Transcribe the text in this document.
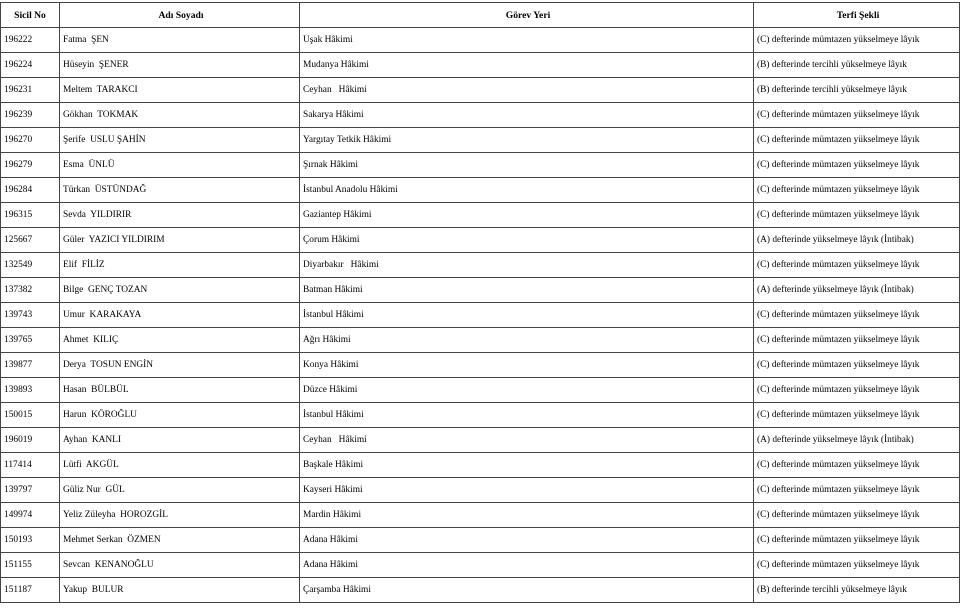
Sicil No	Adı Soyadı	Görev Yeri	Terfi Şekli
196222	Fatma  ŞEN	Uşak Hâkimi	(C) defterinde mümtazen yükselmeye lâyık
196224	Hüseyin  ŞENER	Mudanya Hâkimi	(B) defterinde tercihli yükselmeye lâyık
196231	Meltem  TARAKCI	Ceyhan   Hâkimi	(B) defterinde tercihli yükselmeye lâyık
196239	Gökhan  TOKMAK	Sakarya Hâkimi	(C) defterinde mümtazen yükselmeye lâyık
196270	Şerife  USLU ŞAHİN	Yargıtay Tetkik Hâkimi	(C) defterinde mümtazen yükselmeye lâyık
196279	Esma  ÜNLÜ	Şırnak Hâkimi	(C) defterinde mümtazen yükselmeye lâyık
196284	Türkan  ÜSTÜNDAĞ	İstanbul Anadolu Hâkimi	(C) defterinde mümtazen yükselmeye lâyık
196315	Sevda  YILDIRIR	Gaziantep Hâkimi	(C) defterinde mümtazen yükselmeye lâyık
125667	Güler  YAZICI YILDIRIM	Çorum Hâkimi	(A) defterinde yükselmeye lâyık (İntibak)
132549	Elif  FİLİZ	Diyarbakır   Hâkimi	(C) defterinde mümtazen yükselmeye lâyık
137382	Bilge  GENÇ TOZAN	Batman Hâkimi	(A) defterinde yükselmeye lâyık (İntibak)
139743	Umur  KARAKAYA	İstanbul Hâkimi	(C) defterinde mümtazen yükselmeye lâyık
139765	Ahmet  KILIÇ	Ağrı Hâkimi	(C) defterinde mümtazen yükselmeye lâyık
139877	Derya  TOSUN ENGİN	Konya Hâkimi	(C) defterinde mümtazen yükselmeye lâyık
139893	Hasan  BÜLBÜL	Düzce Hâkimi	(C) defterinde mümtazen yükselmeye lâyık
150015	Harun  KÖROĞLU	İstanbul Hâkimi	(C) defterinde mümtazen yükselmeye lâyık
196019	Ayhan  KANLI	Ceyhan   Hâkimi	(A) defterinde yükselmeye lâyık (İntibak)
117414	Lütfi  AKGÜL	Başkale Hâkimi	(C) defterinde mümtazen yükselmeye lâyık
139797	Güliz Nur  GÜL	Kayseri Hâkimi	(C) defterinde mümtazen yükselmeye lâyık
149974	Yeliz Züleyha  HOROZGİL	Mardin Hâkimi	(C) defterinde mümtazen yükselmeye lâyık
150193	Mehmet Serkan  ÖZMEN	Adana Hâkimi	(C) defterinde mümtazen yükselmeye lâyık
151155	Sevcan  KENANOĞLU	Adana Hâkimi	(C) defterinde mümtazen yükselmeye lâyık
151187	Yakup  BULUR	Çarşamba Hâkimi	(B) defterinde tercihli yükselmeye lâyık
